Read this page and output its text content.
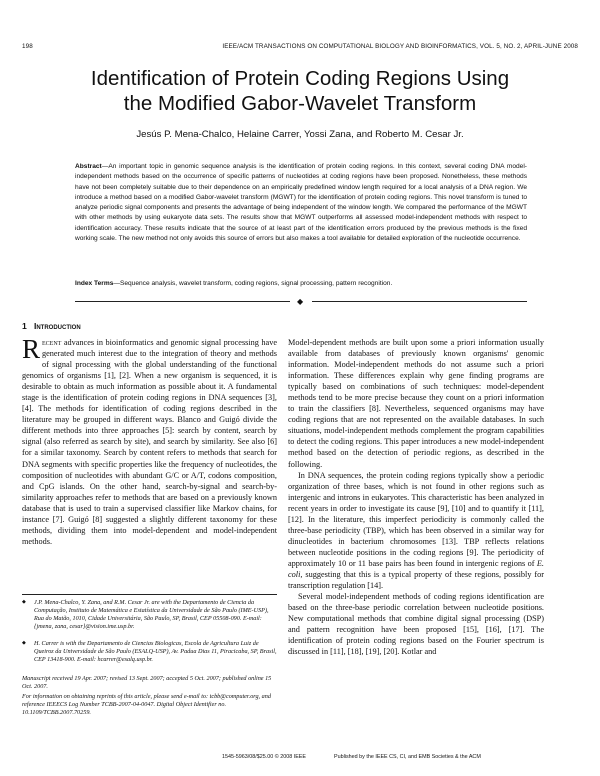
198	IEEE/ACM TRANSACTIONS ON COMPUTATIONAL BIOLOGY AND BIOINFORMATICS, VOL. 5, NO. 2, APRIL-JUNE 2008
Identification of Protein Coding Regions Using
the Modified Gabor-Wavelet Transform
Jesús P. Mena-Chalco, Helaine Carrer, Yossi Zana, and Roberto M. Cesar Jr.
Abstract—An important topic in genomic sequence analysis is the identification of protein coding regions. In this context, several coding DNA model-independent methods based on the occurrence of specific patterns of nucleotides at coding regions have been proposed. Nonetheless, these methods have not been completely suitable due to their dependence on an empirically predefined window length required for a local analysis of a DNA region. We introduce a method based on a modified Gabor-wavelet transform (MGWT) for the identification of protein coding regions. This novel transform is tuned to analyze periodic signal components and presents the advantage of being independent of the window length. We compared the performance of the MGWT with other methods by using eukaryote data sets. The results show that MGWT outperforms all assessed model-independent methods with respect to identification accuracy. These results indicate that the source of at least part of the identification errors produced by the previous methods is the fixed working scale. The new method not only avoids this source of errors but also makes a tool available for detailed exploration of the nucleotide occurrence.
Index Terms—Sequence analysis, wavelet transform, coding regions, signal processing, pattern recognition.
◆
1 Introduction

Recent advances in bioinformatics and genomic signal processing have generated much interest due to the integration of theory and methods of signal processing with the global understanding of the functional genomics of organisms [1], [2]. When a new organism is sequenced, it is desirable to obtain as much information as possible about it. A fundamental stage is the identification of protein coding regions in DNA sequences [3], [4]. The methods for identification of coding regions described in the literature may be grouped in different ways. Blanco and Guigó divide the different methods into three approaches [5]: search by content, search by signal (also referred as search by site), and search by similarity. See also [6] for a similar taxonomy. Search by content refers to methods that search for DNA segments with specific properties like the frequency of nucleotides, the composition of nucleotides with abundant G/C or A/T, codons composition, and CpG islands. On the other hand, search-by-signal and search-by-similarity approaches refer to methods that are based on a previously known database that is used to train a supervised classifier like Markov chains, for instance [7]. Guigó [8] suggested a slightly different taxonomy for these methods, dividing them into model-dependent and model-independent methods.

◆ J.P. Mena-Chalco, Y. Zana, and R.M. Cesar Jr. are with the Departamento de Ciencia da Computação, Instituto de Matemática e Estatística da Universidade de São Paulo (IME-USP), Rua do Matão, 1010, Cidade Universitária, São Paulo, SP, Brasil, CEP 05508-090. E-mail: {jmena, zana, cesar}@vision.ime.usp.br.
◆ H. Carrer is with the Departamento de Ciencias Biologicas, Escola de Agricultura Luiz de Queiroz da Universidade de São Paulo (ESALQ-USP), Av. Padua Dias 11, Piracicaba, SP, Brasil, CEP 13418-900. E-mail: hcarrer@esalq.usp.br.
Manuscript received 19 Apr. 2007; revised 13 Sept. 2007; accepted 5 Oct. 2007; published online 15 Oct. 2007.
For information on obtaining reprints of this article, please send e-mail to: tcbb@computer.org, and reference IEEECS Log Number TCBB-2007-04-0047. Digital Object Identifier no. 10.1109/TCBB.2007.70259.

Model-dependent methods are built upon some a priori information usually available from databases of previously known organisms' genomic information. Model-independent methods do not assume such a priori information. These differences explain why gene finding programs are typically based on combinations of such techniques: model-dependent methods tend to be more precise because they count on a priori information to train the classifiers [8]. Nevertheless, sequenced organisms may have coding regions that are not represented on the available databases. In such situations, model-independent methods complement the program capabilities to detect the coding regions. This paper introduces a new model-independent method based on the detection of periodic regions, as described in the following.

In DNA sequences, the protein coding regions typically show a periodic organization of three bases, which is not found in other regions such as intergenic and introns in eukaryotes. This characteristic has been analyzed in recent years in order to investigate its cause [9], [10] and to quantify it [11], [12]. In the literature, this imperfect periodicity is commonly called the three-base periodicity (TBP), which has been observed in a similar way for dinucleotides in bacterium chromosomes [13]. TBP reflects relations between nucleotide positions in the coding regions [9]. The periodicity of approximately 10 or 11 base pairs has been found in intergenic regions of E. coli, suggesting that this is a typical property of these regions, possibly for transcription regulation [14].

Several model-independent methods of coding regions identification are based on the three-base periodic correlation between nucleotide positions. New computational methods that combine digital signal processing (DSP) and pattern recognition have been proposed [15], [16], [17]. The identification of protein coding regions based on the Fourier spectrum is discussed in [11], [18], [19], [20]. Kotlar and

1545-5963/08/$25.00 © 2008 IEEE	Published by the IEEE CS, CI, and EMB Societies & the ACM
